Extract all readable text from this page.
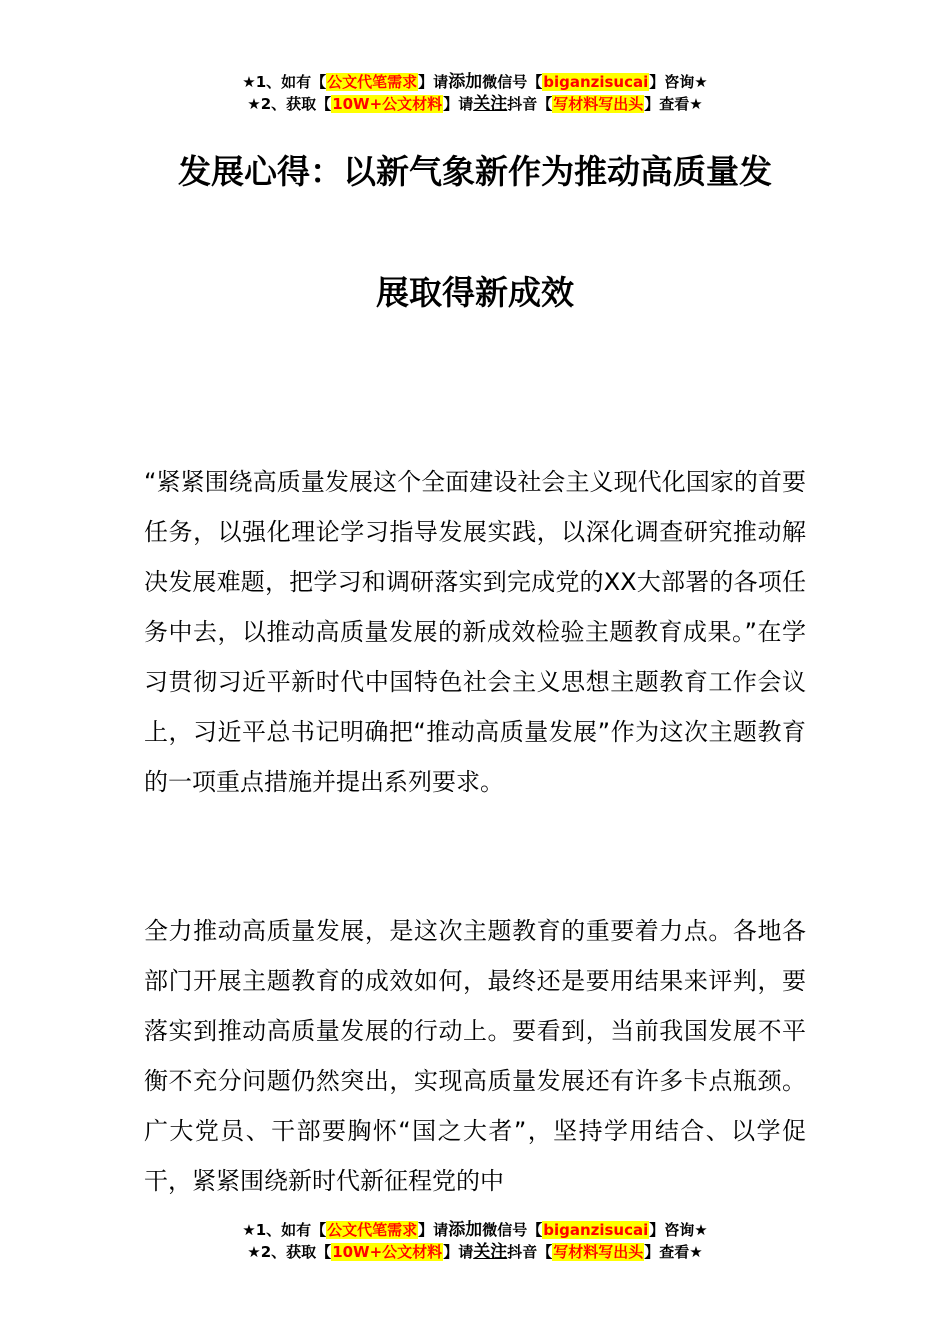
★1、如有【公文代笔需求】请添加微信号【biganzisucai】咨询★
★2、获取【10W+公文材料】请关注抖音【写材料写出头】查看★
发展心得：以新气象新作为推动高质量发
展取得新成效
“紧紧围绕高质量发展这个全面建设社会主义现代化国家的首要任务，以强化理论学习指导发展实践，以深化调查研究推动解决发展难题，把学习和调研落实到完成党的XX大部署的各项任务中去，以推动高质量发展的新成效检验主题教育成果。”在学习贯彻习近平新时代中国特色社会主义思想主题教育工作会议上，习近平总书记明确把“推动高质量发展”作为这次主题教育的一项重点措施并提出系列要求。
全力推动高质量发展，是这次主题教育的重要着力点。各地各部门开展主题教育的成效如何，最终还是要用结果来评判，要落实到推动高质量发展的行动上。要看到，当前我国发展不平衡不充分问题仍然突出，实现高质量发展还有许多卡点瓶颈。广大党员、干部要胸怀“国之大者”，坚持学用结合、以学促干，紧紧围绕新时代新征程党的中
★1、如有【公文代笔需求】请添加微信号【biganzisucai】咨询★
★2、获取【10W+公文材料】请关注抖音【写材料写出头】查看★
